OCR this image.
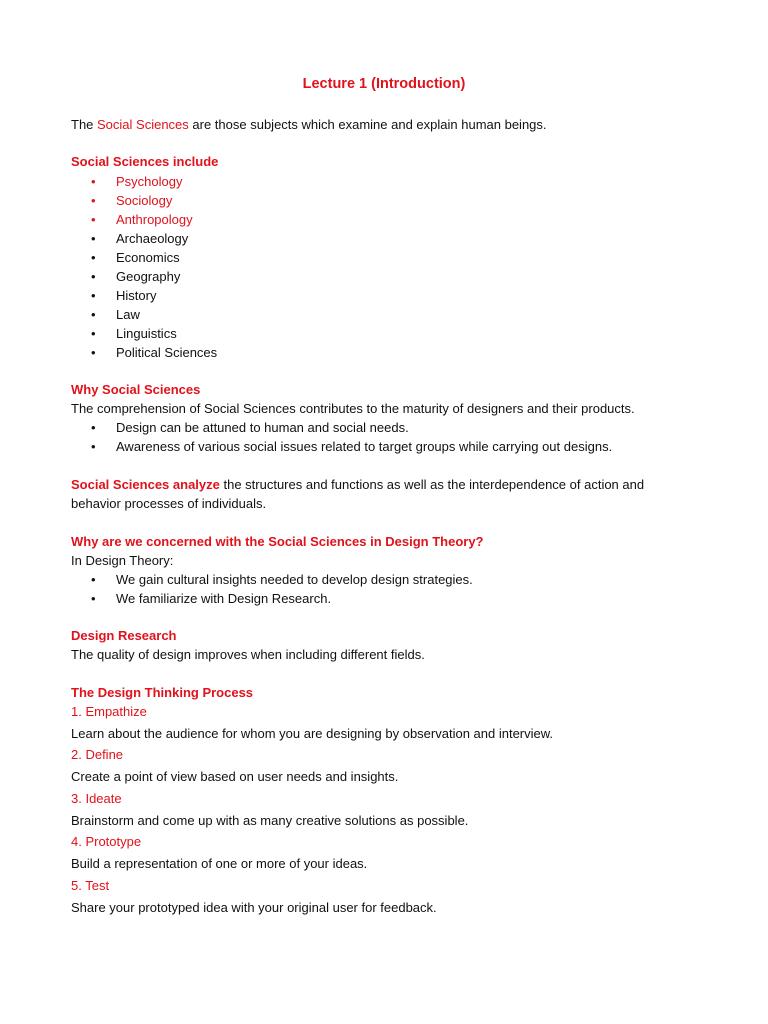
Lecture 1 (Introduction)
The Social Sciences are those subjects which examine and explain human beings.
Social Sciences include
• Psychology
• Sociology
• Anthropology
• Archaeology
• Economics
• Geography
• History
• Law
• Linguistics
• Political Sciences
Why Social Sciences
The comprehension of Social Sciences contributes to the maturity of designers and their products.
• Design can be attuned to human and social needs.
• Awareness of various social issues related to target groups while carrying out designs.
Social Sciences analyze the structures and functions as well as the interdependence of action and
behavior processes of individuals.
Why are we concerned with the Social Sciences in Design Theory?
In Design Theory:
• We gain cultural insights needed to develop design strategies.
• We familiarize with Design Research.
Design Research
The quality of design improves when including different fields.
The Design Thinking Process
1. Empathize
Learn about the audience for whom you are designing by observation and interview.
2. Define
Create a point of view based on user needs and insights.
3. Ideate
Brainstorm and come up with as many creative solutions as possible.
4. Prototype
Build a representation of one or more of your ideas.
5. Test
Share your prototyped idea with your original user for feedback.
